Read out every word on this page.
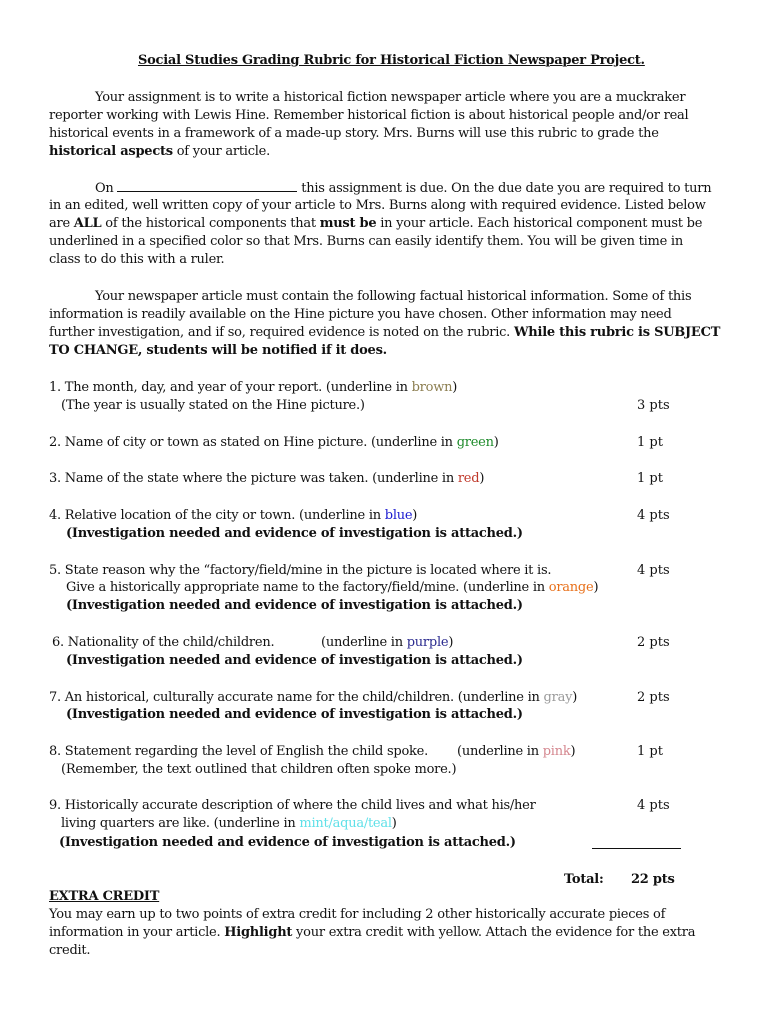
Social Studies Grading Rubric for Historical Fiction Newspaper Project.
Your assignment is to write a historical fiction newspaper article where you are a muckraker
reporter working with Lewis Hine. Remember historical fiction is about historical people and/or real
historical events in a framework of a made-up story. Mrs. Burns will use this rubric to grade the
historical aspects of your article.
On	this assignment is due. On the due date you are required to turn
in an edited, well written copy of your article to Mrs. Burns along with required evidence. Listed below
are ALL of the historical components that must be in your article. Each historical component must be
underlined in a specified color so that Mrs. Burns can easily identify them. You will be given time in
class to do this with a ruler.
Your newspaper article must contain the following factual historical information. Some of this
information is readily available on the Hine picture you have chosen. Other information may need
further investigation, and if so, required evidence is noted on the rubric. While this rubric is SUBJECT
TO CHANGE, students will be notified if it does.
1. The month, day, and year of your report. (underline in brown)
(The year is usually stated on the Hine picture.)	3 pts
2. Name of city or town as stated on Hine picture. (underline in green)	1 pt
3. Name of the state where the picture was taken. (underline in red)	1 pt
4. Relative location of the city or town. (underline in blue)	4 pts
(Investigation needed and evidence of investigation is attached.)
5. State reason why the “factory/field/mine in the picture is located where it is.	4 pts
Give a historically appropriate name to the factory/field/mine. (underline in orange)
(Investigation needed and evidence of investigation is attached.)
6. Nationality of the child/children.	(underline in purple)	2 pts
(Investigation needed and evidence of investigation is attached.)
7. An historical, culturally accurate name for the child/children. (underline in gray)	2 pts
(Investigation needed and evidence of investigation is attached.)
8. Statement regarding the level of English the child spoke. (underline in pink)	1 pt
(Remember, the text outlined that children often spoke more.)
9. Historically accurate description of where the child lives and what his/her	4 pts
living quarters are like. (underline in mint/aqua/teal)
(Investigation needed and evidence of investigation is attached.)
Total: 22 pts
EXTRA CREDIT
You may earn up to two points of extra credit for including 2 other historically accurate pieces of
information in your article. Highlight your extra credit with yellow. Attach the evidence for the extra
credit.
